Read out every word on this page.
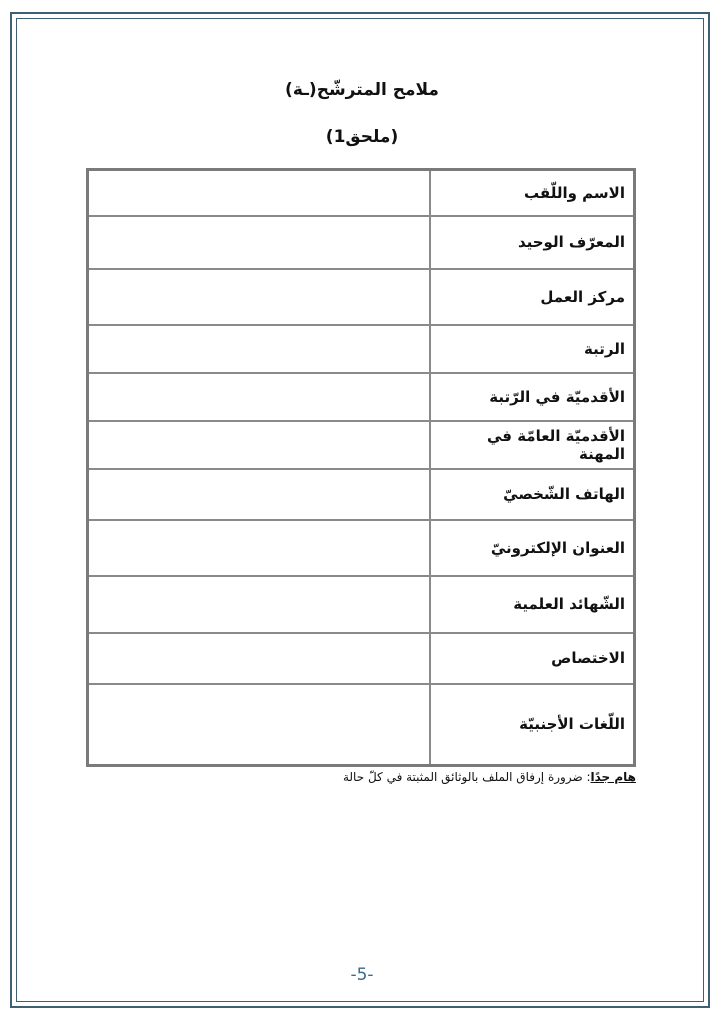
ملامح المترشّح(ـة)
(ملحق1)
الاسم واللّقب	
المعرّف الوحيد	
مركز العمل	
الرتبة	
الأقدميّة في الرّتبة	
الأقدميّة العامّة في المهنة	
الهاتف الشّخصيّ	
العنوان الإلكترونيّ	
الشّهائد العلمية	
الاختصاص	
اللّغات الأجنبيّة	
هام جدًا: ضرورة إرفاق الملف بالوثائق المثبتة في كلّ حالة
-5-
